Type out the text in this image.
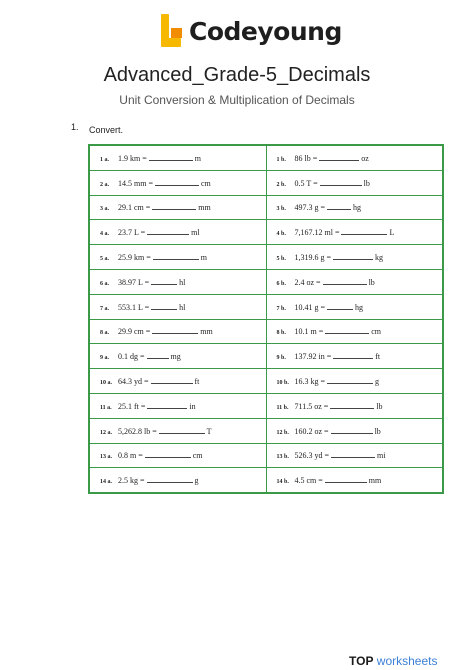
Codeyoung
Advanced_Grade-5_Decimals
Unit Conversion & Multiplication of Decimals
1. Convert.
1 a. 1.9 km = m	1 b. 86 lb = oz
2 a. 14.5 mm = cm	2 b. 0.5 T = lb
3 a. 29.1 cm = mm	3 b. 497.3 g = hg
4 a. 23.7 L = ml	4 b. 7,167.12 ml = L
5 a. 25.9 km = m	5 b. 1,319.6 g = kg
6 a. 38.97 L = hl	6 b. 2.4 oz = lb
7 a. 553.1 L = hl	7 b. 10.41 g = hg
8 a. 29.9 cm = mm	8 b. 10.1 m = cm
9 a. 0.1 dg = mg	9 b. 137.92 in = ft
10 a. 64.3 yd = ft	10 b. 16.3 kg = g
11 a. 25.1 ft = in	11 b. 711.5 oz = lb
12 a. 5,262.8 lb = T	12 b. 160.2 oz = lb
13 a. 0.8 m = cm	13 b. 526.3 yd = mi
14 a. 2.5 kg = g	14 b. 4.5 cm = mm
TOP worksheets
